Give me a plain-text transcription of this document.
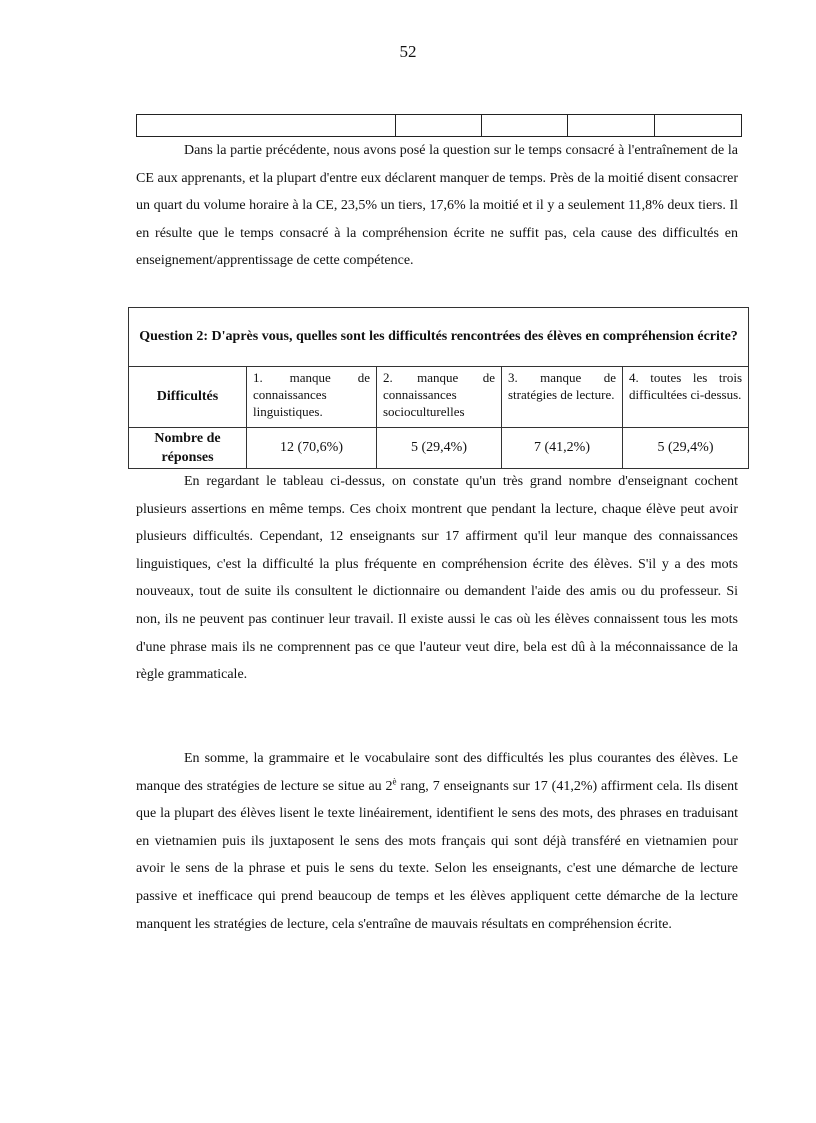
52

Dans la partie précédente, nous avons posé la question sur le temps consacré à l'entraînement de la CE aux apprenants, et la plupart d'entre eux déclarent manquer de temps. Près de la moitié disent consacrer un quart du volume horaire à la CE, 23,5% un tiers, 17,6% la moitié et il y a seulement 11,8% deux tiers. Il en résulte que le temps consacré à la compréhension écrite ne suffit pas, cela cause des difficultés en enseignement/apprentissage de cette compétence.

Question 2: D'après vous, quelles sont les difficultés rencontrées des élèves en compréhension écrite?				
Difficultés	1. manque de connaissances linguistiques.	2. manque de connaissances socioculturelles	3. manque de stratégies de lecture.	4. toutes les trois difficultées ci-dessus.
Nombre de réponses	12 (70,6%)	5 (29,4%)	7 (41,2%)	5 (29,4%)

En regardant le tableau ci-dessus, on constate qu'un très grand nombre d'enseignant cochent plusieurs assertions en même temps. Ces choix montrent que pendant la lecture, chaque élève peut avoir plusieurs difficultés. Cependant, 12 enseignants sur 17 affirment qu'il leur manque des connaissances linguistiques, c'est la difficulté la plus fréquente en compréhension écrite des élèves. S'il y a des mots nouveaux, tout de suite ils consultent le dictionnaire ou demandent l'aide des amis ou du professeur. Si non, ils ne peuvent pas continuer leur travail. Il existe aussi le cas où les élèves connaissent tous les mots d'une phrase mais ils ne comprennent pas ce que l'auteur veut dire, bela est dû à la méconnaissance de la règle grammaticale.

En somme, la grammaire et le vocabulaire sont des difficultés les plus courantes des élèves. Le manque des stratégies de lecture se situe au $2^è$ rang, 7 enseignants sur 17 (41,2%) affirment cela. Ils disent que la plupart des élèves lisent le texte linéairement, identifient le sens des mots, des phrases en traduisant en vietnamien puis ils juxtaposent le sens des mots français qui sont déjà transféré en vietnamien pour avoir le sens de la phrase et puis le sens du texte. Selon les enseignants, c'est une démarche de lecture passive et inefficace qui prend beaucoup de temps et les élèves appliquent cette démarche de la lecture manquent les stratégies de lecture, cela s'entraîne de mauvais résultats en compréhension écrite.
